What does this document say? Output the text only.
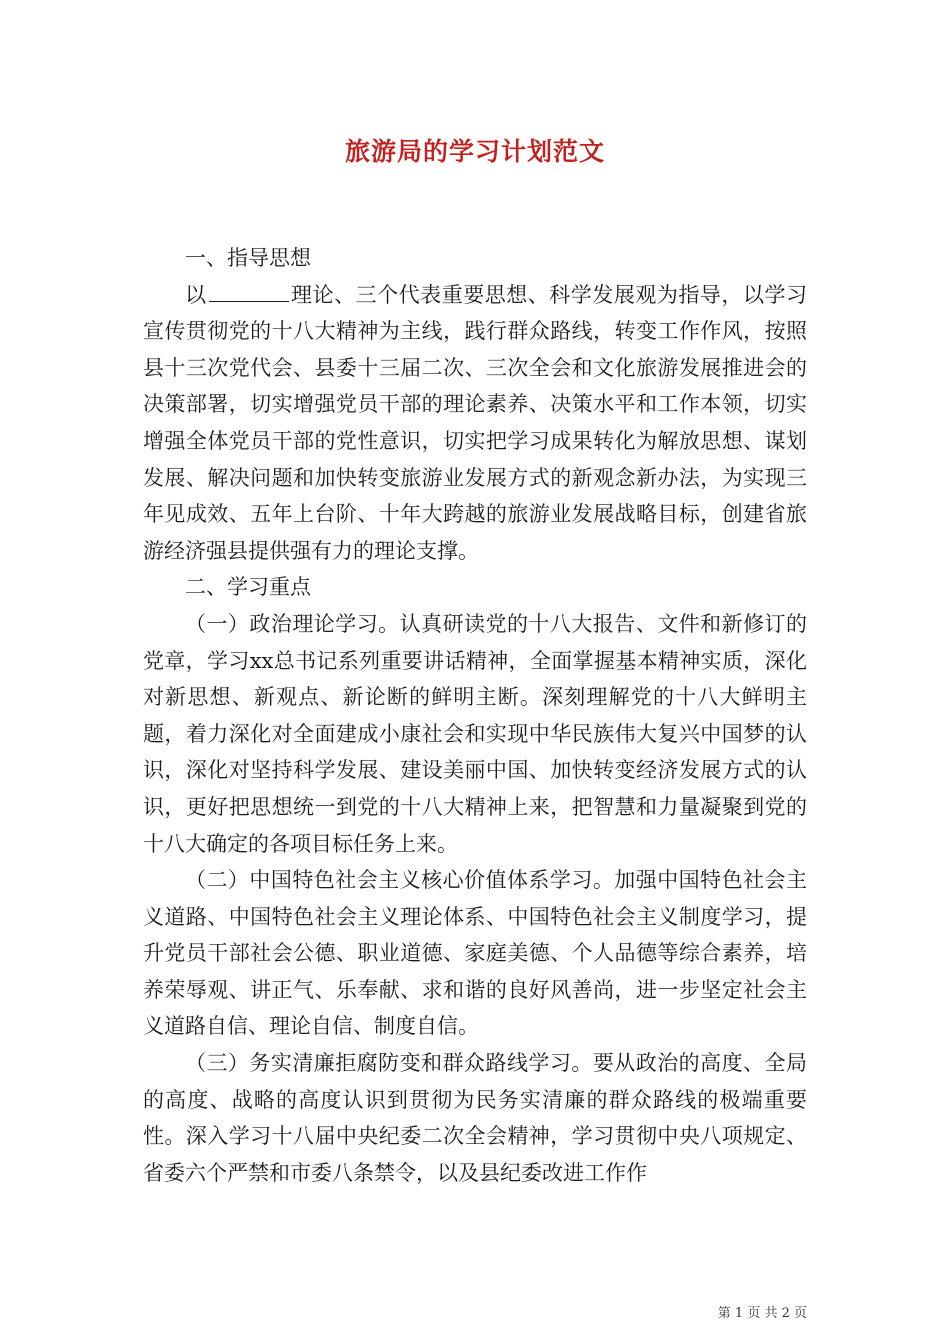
旅游局的学习计划范文

一、指导思想

以	理论、三个代表重要思想、科学发展观为指导，以学习宣传贯彻党的十八大精神为主线，践行群众路线，转变工作作风，按照县十三次党代会、县委十三届二次、三次全会和文化旅游发展推进会的决策部署，切实增强党员干部的理论素养、决策水平和工作本领，切实增强全体党员干部的党性意识，切实把学习成果转化为解放思想、谋划发展、解决问题和加快转变旅游业发展方式的新观念新办法，为实现三年见成效、五年上台阶、十年大跨越的旅游业发展战略目标，创建省旅游经济强县提供强有力的理论支撑。

二、学习重点

（一）政治理论学习。认真研读党的十八大报告、文件和新修订的党章，学习xx总书记系列重要讲话精神，全面掌握基本精神实质，深化对新思想、新观点、新论断的鲜明主断。深刻理解党的十八大鲜明主题，着力深化对全面建成小康社会和实现中华民族伟大复兴中国梦的认识，深化对坚持科学发展、建设美丽中国、加快转变经济发展方式的认识，更好把思想统一到党的十八大精神上来，把智慧和力量凝聚到党的十八大确定的各项目标任务上来。

（二）中国特色社会主义核心价值体系学习。加强中国特色社会主义道路、中国特色社会主义理论体系、中国特色社会主义制度学习，提升党员干部社会公德、职业道德、家庭美德、个人品德等综合素养，培养荣辱观、讲正气、乐奉献、求和谐的良好风善尚，进一步坚定社会主义道路自信、理论自信、制度自信。

（三）务实清廉拒腐防变和群众路线学习。要从政治的高度、全局的高度、战略的高度认识到贯彻为民务实清廉的群众路线的极端重要性。深入学习十八届中央纪委二次全会精神，学习贯彻中央八项规定、省委六个严禁和市委八条禁令，以及县纪委改进工作作

第 1 页 共 2 页
